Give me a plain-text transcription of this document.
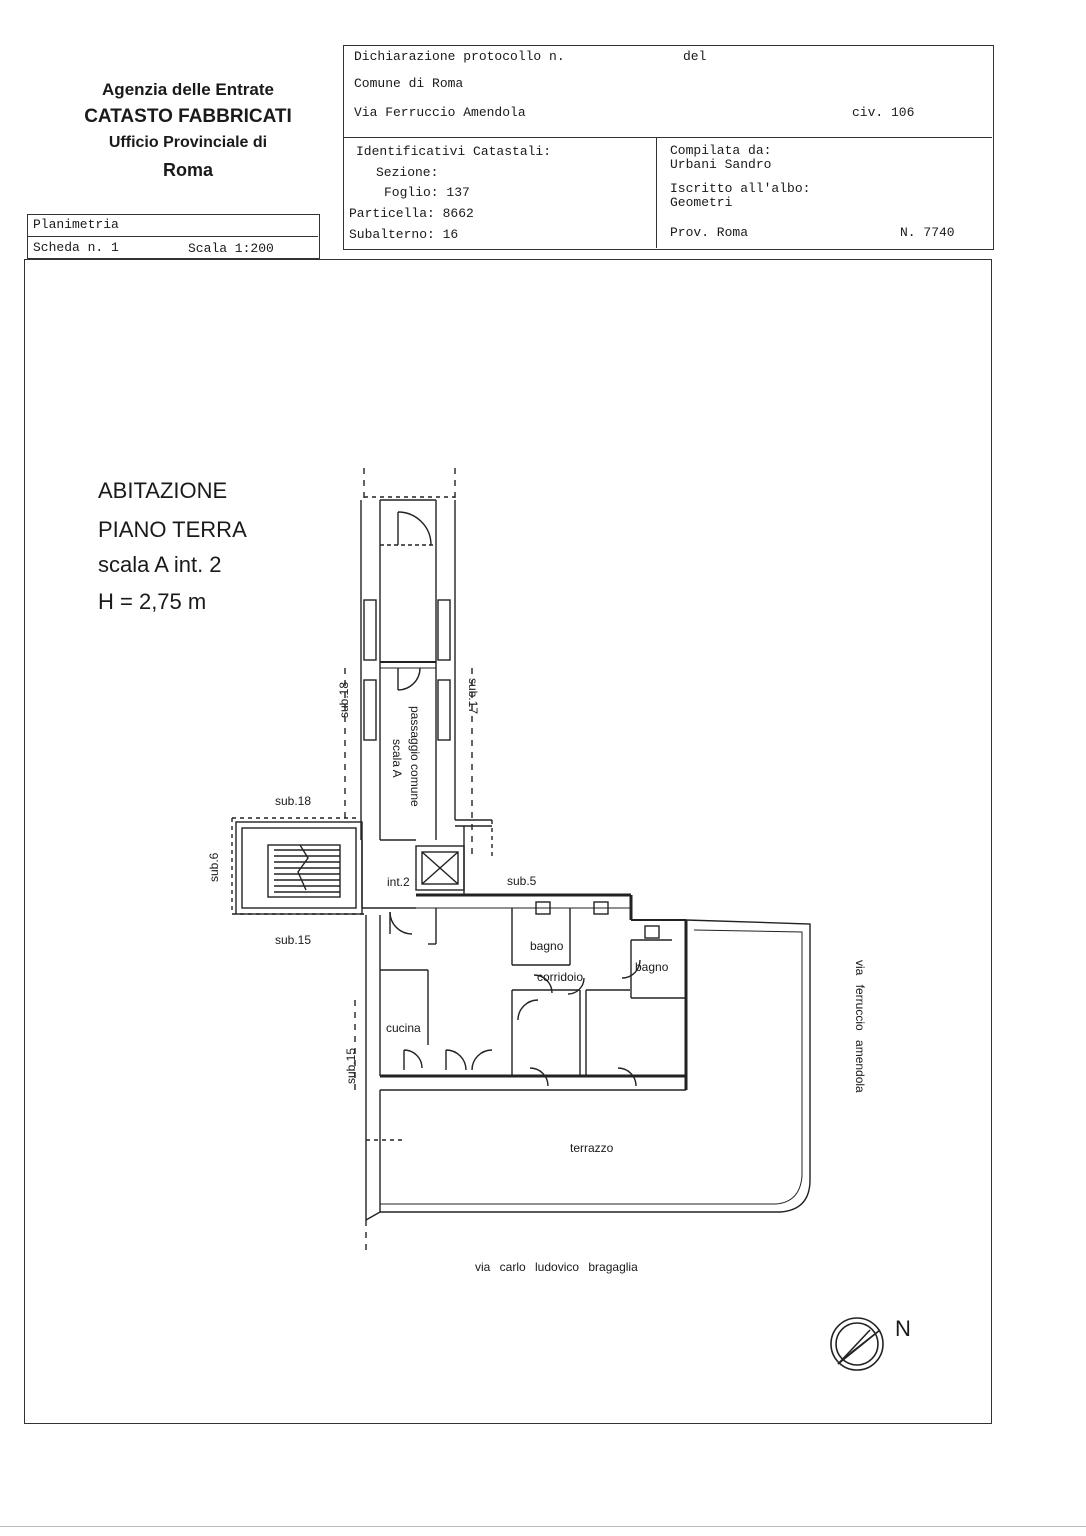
Agenzia delle Entrate
CATASTO FABBRICATI
Ufficio Provinciale di
Roma
Planimetria
Scheda n. 1	Scala 1:200
Dichiarazione protocollo n.	del
Comune di Roma
Via Ferruccio Amendola	civ. 106
Identificativi Catastali:
Sezione:
Foglio: 137
Particella: 8662
Subalterno: 16
Compilata da:
Urbani Sandro
Iscritto all'albo:
Geometri
Prov. Roma	N. 7740
ABITAZIONE
PIANO TERRA
scala A int. 2
H = 2,75 m
sub.18	sub.17
passaggio comune
scala A
sub.18
sub.6	int.2	sub.5
sub.15
sub.15
bagno
bagno
corridoio
cucina
terrazzo
via ferruccio amendola
via carlo ludovico bragaglia
N
